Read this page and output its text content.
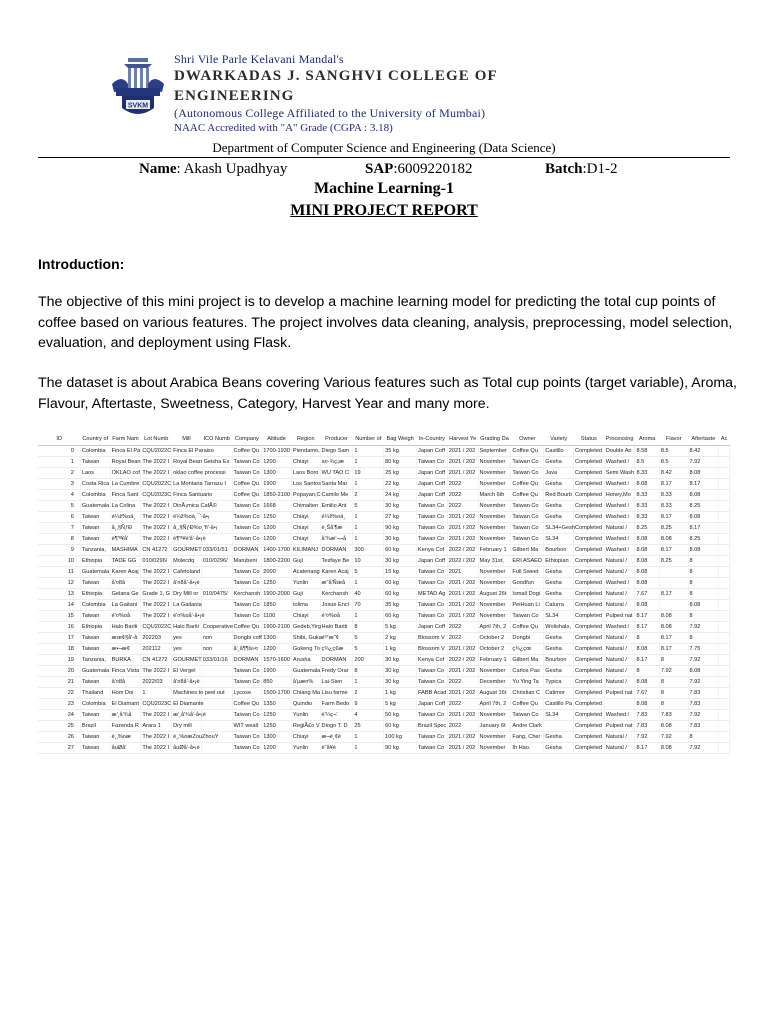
SVKM
Shri Vile Parle Kelavani Mandal's
DWARKADAS J. SANGHVI COLLEGE OF ENGINEERING
(Autonomous College Affiliated to the University of Mumbai)
NAAC Accredited with "A" Grade (CGPA : 3.18)
Department of Computer Science and Engineering (Data Science)
Name: Akash Upadhyay	SAP:6009220182	Batch:D1-2
Machine Learning-1
MINI PROJECT REPORT
Introduction:
The objective of this mini project is to develop a machine learning model for predicting the total cup points of coffee based on various features. The project involves data cleaning, analysis, preprocessing, model selection, evaluation, and deployment using Flask.
The dataset is about Arabica Beans covering Various features such as Total cup points (target variable), Aroma, Flavour, Aftertaste, Sweetness, Category, Harvest Year and many more.
ID	Country of	Farm Nam	Lot Numb	Mill	ICO Numb	Company	Altitude	Region	Producer	Number of	Bag Weigh	In-Country	Harvest Ye	Grading Da	Owner	Variety	Status	Processing	Aroma	Flavor	Aftertaste	Ac
0	Colombia	Finca El Pa	CQU2022C	Finca El Paraiso		Coffee Qu	1700-1930	Piendamo,	Diego Sam	1	35 kg	Japan Coff	2021 / 202	September	Coffee Qu	Castillo	Completed	Double An	8.58	8.5	8.42	
1	Taiwan	Royal Bean	The 2022 I	Royal Bean Geisha Es		Taiwan Co	1200	Chiayi	a¤-¾ç¡æ	1	80 kg	Taiwan Co	2021 / 202	November	Taiwan Co	Gesha	Completed	Washed /	8.5	8.5	7.92	
2	Laos	OKLAO cof	The 2022 I	oklao coffee processi		Taiwan Co	1300	Laos Boro	WU TAO C	19	25 kg	Japan Coff	2021 / 202	November	Taiwan Co	Java	Completed	Semi Wash	8.33	8.42	8.08	
3	Costa Rica	La Cumbre	CQU2022C	La Montana Tarrazu I		Coffee Qu	1900	Los Santos	Santa Mar	1	22 kg	Japan Coff	2022	November	Coffee Qu	Gesha	Completed	Washed /	8.08	8.17	8.17	
4	Colombia	Finca Sant	CQU2023C	Finca Santuario		Coffee Qu	1850-2100	Popayan,C	Camilo Me	2	24 kg	Japan Coff	2022	March 6th	Coffee Qu	Red Bourb	Completed	Honey,Mo	8.33	8.33	8.08	
5	Guatemala	La Colina	The 2022 I	DinÃ¡mica CafÃ©		Taiwan Co	1668	Chimalten	Emilio Ant	5	30 kg	Taiwan Co	2022	November	Taiwan Co	Gesha	Completed	Washed /	8.33	8.33	8.25	
6	Taiwan	é¼ž%oä¸	The 2022 I	é¼ž%oä¸¯'-å•¡		Taiwan Co	1250	Chiayi	é¼ž%oä¸	1	27 kg	Taiwan Co	2021 / 202	November	Taiwan Co	Gesha	Completed	Washed /	8.33	8.17	8.08	
7	Taiwan	å¸‚§ÑƒÐ	The 2022 I	å¸‚§ÑƒÐ%o¸'ñ'-å•¡		Taiwan Co	1200	Chiayi	è¸Šå'¶æ	1	90 kg	Taiwan Co	2021 / 202	November	Taiwan Co	SL34+Gesh	Completed	Natural /	8.25	8.25	8.17	
8	Taiwan	è¶'ª¥å'	The 2022 I	è¶'ª¥è'å'-å•¡è		Taiwan Co	1200	Chiayi	å'¾æ'¬¬å	1	30 kg	Taiwan Co	2021 / 202	November	Taiwan Co	SL34	Completed	Washed /	8.08	8.08	8.25	
9	Tanzania,	MASHIMA	CN 41272	GOURMET	033/01/51	DORMAN	1400-1700	KILIMANJ	DORMAN	300	60 kg	Kenya Cof	2022 / 202	February 1	Gilbert Ma	Bourbon	Completed	Washed /	8.08	8.17	8.08	
10	Ethiopia	TADE GG	010/0296/	Molecdq	010/0296/	Marubeni	1800-2200	Guji	Tesfaye Be	10	30 kg	Japan Coff	2022 / 202	May 31st,	ERI ASAED	Ethiopian	Completed	Natural /	8.08	8.25	8	
11	Guatemala	Karen Acaj	The 2022 I	Cafetoland		Taiwan Co	2000	Acatenang	Karen Acaj	5	15 kg	Taiwan Co	2021	November	Full Sweet	Gesha	Completed	Natural /	8.08		8	
12	Taiwan	å'¤8å	The 2022 I	å'¤8å'-å•¡è		Taiwan Co	1250	Yunlin	æ"å'Ñœå	1	60 kg	Taiwan Co	2021 / 202	November	Goodfun	Gesha	Completed	Washed /	8.08		8	
13	Ethiopia	Gelana Ge	Grade 1, G	Dry Mill or	010/0475/	Kerchansh	1900-2000	Guji	Kerchansh	40	60 kg	METAD Ag	2021 / 202	August 26t	Ismail Dogi	Gesha	Completed	Natural /	7.67	8.17	8	
14	Colombia	La Gaitani	The 2022 I	La Gaitania		Taiwan Co	1850	tolima	Josue Enci	70	35 kg	Taiwan Co	2021 / 202	November	PeiHuan Li	Caturra	Completed	Natural /	8.08		8.08	
15	Taiwan	é'¤%oå	The 2022 I	é'¤%oå'-å•¡è		Taiwan Co	1100	Chiayi	é'¤%oå	1	60 kg	Taiwan Co	2021 / 202	November	Taiwan Co	SL34	Completed	Pulped nat	8.17	8.08	8	
16	Ethiopia	Halo Bariti	CQU2022C	Halo Bariti	Cooperative	Coffee Qu	1900-2100	Gedeb,Yirg	Halo Bariti	8	5 kg	Japan Coff	2022	April 7th, 2	Coffee Qu	Wolishalo,	Completed	Washed /	8.17	8.08	7.92	
17	Taiwan	æœ¢§å'-å	202203	yes	non	Dongbi coff	1300	Shibi, Guka	é³°æ"¢	5	2 kg	Blossom V	2022	October 2	Dongbi	Gesha	Completed	Natural /	8	8.17	8	
18	Taiwan	æ•¬æ¢	202112	yes	non	å'¸å¶¶ä»¤	1200	Gukeng To	ç¾¿ç€æ	5	1 kg	Blossom V	2021 / 202	October 2	ç¾¿çœ	Gesha	Completed	Natural /	8.08	8.17	7.75	
19	Tanzania,	BURKA	CN 41272	GOURMET	033/01/16	DORMAN	1570-1600	Arusha	DORMAN	200	30 kg	Kenya Cof	2022 / 202	February 1	Gilbert Ma	Bourbon	Completed	Natural /	8.17	8	7.92	
20	Guatemala	Finca Vista	The 2022 I	El Vergel		Taiwan Co	1900	Guatemala	Fredy Orar	8	30 kg	Taiwan Co	2021 / 202	November	Carlos Pas	Gesha	Completed	Natural /	8	7.92	8.08	
21	Taiwan	å'¤8å	2022/03	å'¤8å'-å•¡è		Taiwan Co	850	å'µæ¤%	Lai-Sien	1	30 kg	Taiwan Co	2022	December	Yu Ying Ta	Typica	Completed	Natural /	8.08	8	7.92	
22	Thailand	Hom Doi	1	Machines to peel out		Lycose	1500-1700	Chiang Ma	Lisu farme	2	1 kg	FABB Acad	2021 / 202	August 16t	Christian C	Catimor	Completed	Pulped nat	7.67	8	7.83	
23	Colombia	El Diamant	CQU2023C	El Diamante		Coffee Qu	1350	Quindio	Farm Bedo	9	5 kg	Japan Coff	2022	April 7th, 2	Coffee Qu	Castillo Pa	Completed		8.08	8	7.83	
24	Taiwan	æ'¸å'¾å	The 2022 I	æ'¸å'¾å'-å•¡è		Taiwan Co	1250	Yunlin	é'¼ç¬'	4	50 kg	Taiwan Co	2021 / 202	November	Taiwan Co	SL34	Completed	Washed /	7.83	7.83	7.92	
25	Brazil	Fazenda R	Arara 1	Dry mill		WIT wealt	1250	RegiÃ£o V	Diogo T. D	25	60 kg	Brazil Spec	2022	January 6t	Andre Clark		Completed	Pulped nat	7.83	8.08	7.83	
26	Taiwan	è¸‚%oæ	The 2022 I	è¸‚%oæZouZhouY		Taiwan Co	1300	Chiayi	æ¬è¸¢è	1	100 kg	Taiwan Co	2021 / 202	November	Fang, Cher	Gesha	Completed	Natural /	7.92	7.92	8	
27	Taiwan	åuØå'	The 2022 I	åuØå'-å•¡è		Taiwan Co	1200	Yunlin	è"å¥è	1	90 kg	Taiwan Co	2021 / 202	November	Ih Hao.	Gesha	Completed	Natural /	8.17	8.08	7.92	
